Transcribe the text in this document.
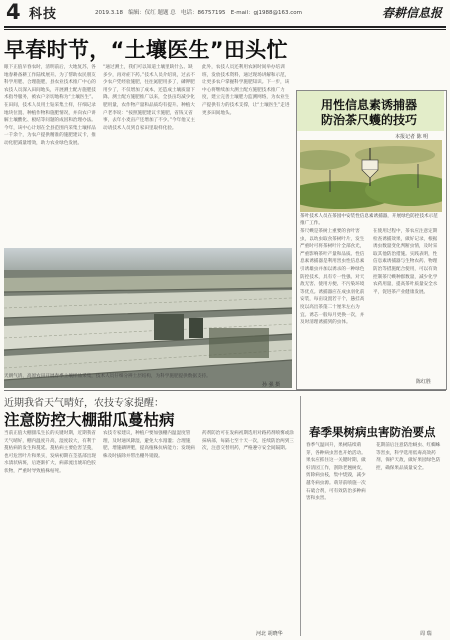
4 科技	2019.3.18 编辑：仪红 题题 总 电话：86757195 E-mail：gj1988@163.com	春耕信息报
早春时节，“土壤医生”田头忙
眼下正值早春农时，清明前后，大地复苏，各地春耕备耕工作陆续展开。为了帮助农民朋友科学用肥、合理施肥，县农业技术推广中心的农技人员深入田间地头，开展测土配方施肥技术指导服务，被农户亲切地称为“土壤医生”。在田间，技术人员用土钻采集土样，仔细记录地块位置、种植作物和施肥情况，并向农户讲解土壤酸化、板结等问题的成因和治理办法。今年，该中心计划在全县范围内采集土壤样品一千余个，为农户提供精准的施肥建议卡，推动化肥减量增效，助力农业绿色发展。
“通过测土，我们可以知道土壤里缺什么、缺多少，再对症下药。”技术人员介绍说，过去不少农户凭经验施肥，往往氮肥用多了，磷钾肥用少了，不仅增加了成本，还造成土壤质量下降。测土配方施肥推广以来，全县亩均减少化肥用量，农作物产量和品质均有提升。种植大户老李说：“按照施肥建议卡施肥，省钱又省事，去年小麦亩产还增加了不少。”今年他又主动请技术人员到自家田里取样化验。
此外，农技人员还利用农闲时间举办培训班，发放技术资料，通过现场讲解和示范，让更多农户掌握科学施肥知识。下一步，该中心将继续加大测土配方施肥技术推广力度，建立完善土壤肥力监测网络，为农业生产提供有力的技术支撑，让“土壤医生”走进更多田间地头。
用性信息素诱捕器
防治茶尺蠖的技巧
本报记者 陈 明
茶叶技术人员在茶园中安装性信息素诱捕器，开展绿色防控技术示范推广工作。
茶尺蠖是茶树上重要的食叶害虫，以幼虫取食茶树叶片，发生严重时可将茶树叶片全部食光，严重影响茶叶产量和品质。性信息素诱捕器是利用害虫性信息素引诱雄虫并加以诱杀的一种绿色防控技术，具有专一性强、对天敌无害、使用方便、不污染环境等优点。诱捕器应在成虫羽化前安装，每亩设置若干个，悬挂高度以高出茶蓬二十厘米左右为宜。诱芯一般每月更换一次，并及时清理诱捕到的虫体。
在使用过程中，茶农应注意定期检查诱捕效果，做好记录，根据诱虫数量变化判断虫情，及时采取其他防治措施。实践表明，性信息素诱捕器与生物农药、物理防治等措施配合使用，可以有效控制茶尺蠖种群数量，减少化学农药用量，提高茶叶质量安全水平，促进茶产业健康发展。
陈红胜
天朗气清，高原农田开展春季土壤样品采集，技术人员仔细分辨土层结构，为科学施肥提供数据支持。
孙 强 摄
近期我省天气晴好，农技专家提醒：
注意防控大棚甜瓜蔓枯病
当前正值大棚甜瓜生长的关键时期，近期我省天气晴好，棚内温度升高，湿度较大，有利于蔓枯病的发生和蔓延。蔓枯病主要危害茎蔓，也可危害叶片和果实，发病初期在茎基部出现水渍状病斑，后逐渐扩大，病部流出琥珀色胶状物，严重时导致植株枯死。
农技专家建议，种植户要加强棚内温湿度管理，及时通风降湿，避免大水漫灌；合理施肥，增施磷钾肥，提高植株抗病能力；发现病株及时拔除并带出棚外销毁。
药剂防治可在发病初期选用对路药剂喷雾或涂抹病部，每隔七至十天一次，连续防治两到三次，注意交替用药，严格遵守安全间隔期。
河北 胡晓华
春季果树病虫害防治要点
春季气温回升，果树陆续萌芽，各种病虫害也开始活动。果农应抓住这一关键时期，做好清园工作，刮除老翘树皮，剪除病虫枝，集中烧毁，减少越冬病虫源。萌芽前喷施一次石硫合剂，可有效防治多种病害和虫害。
花期前后注意防治蚜虫、红蜘蛛等害虫，科学选用低毒高效药剂，保护天敌，做好果园绿色防控，确保果品质量安全。
周 瑞
